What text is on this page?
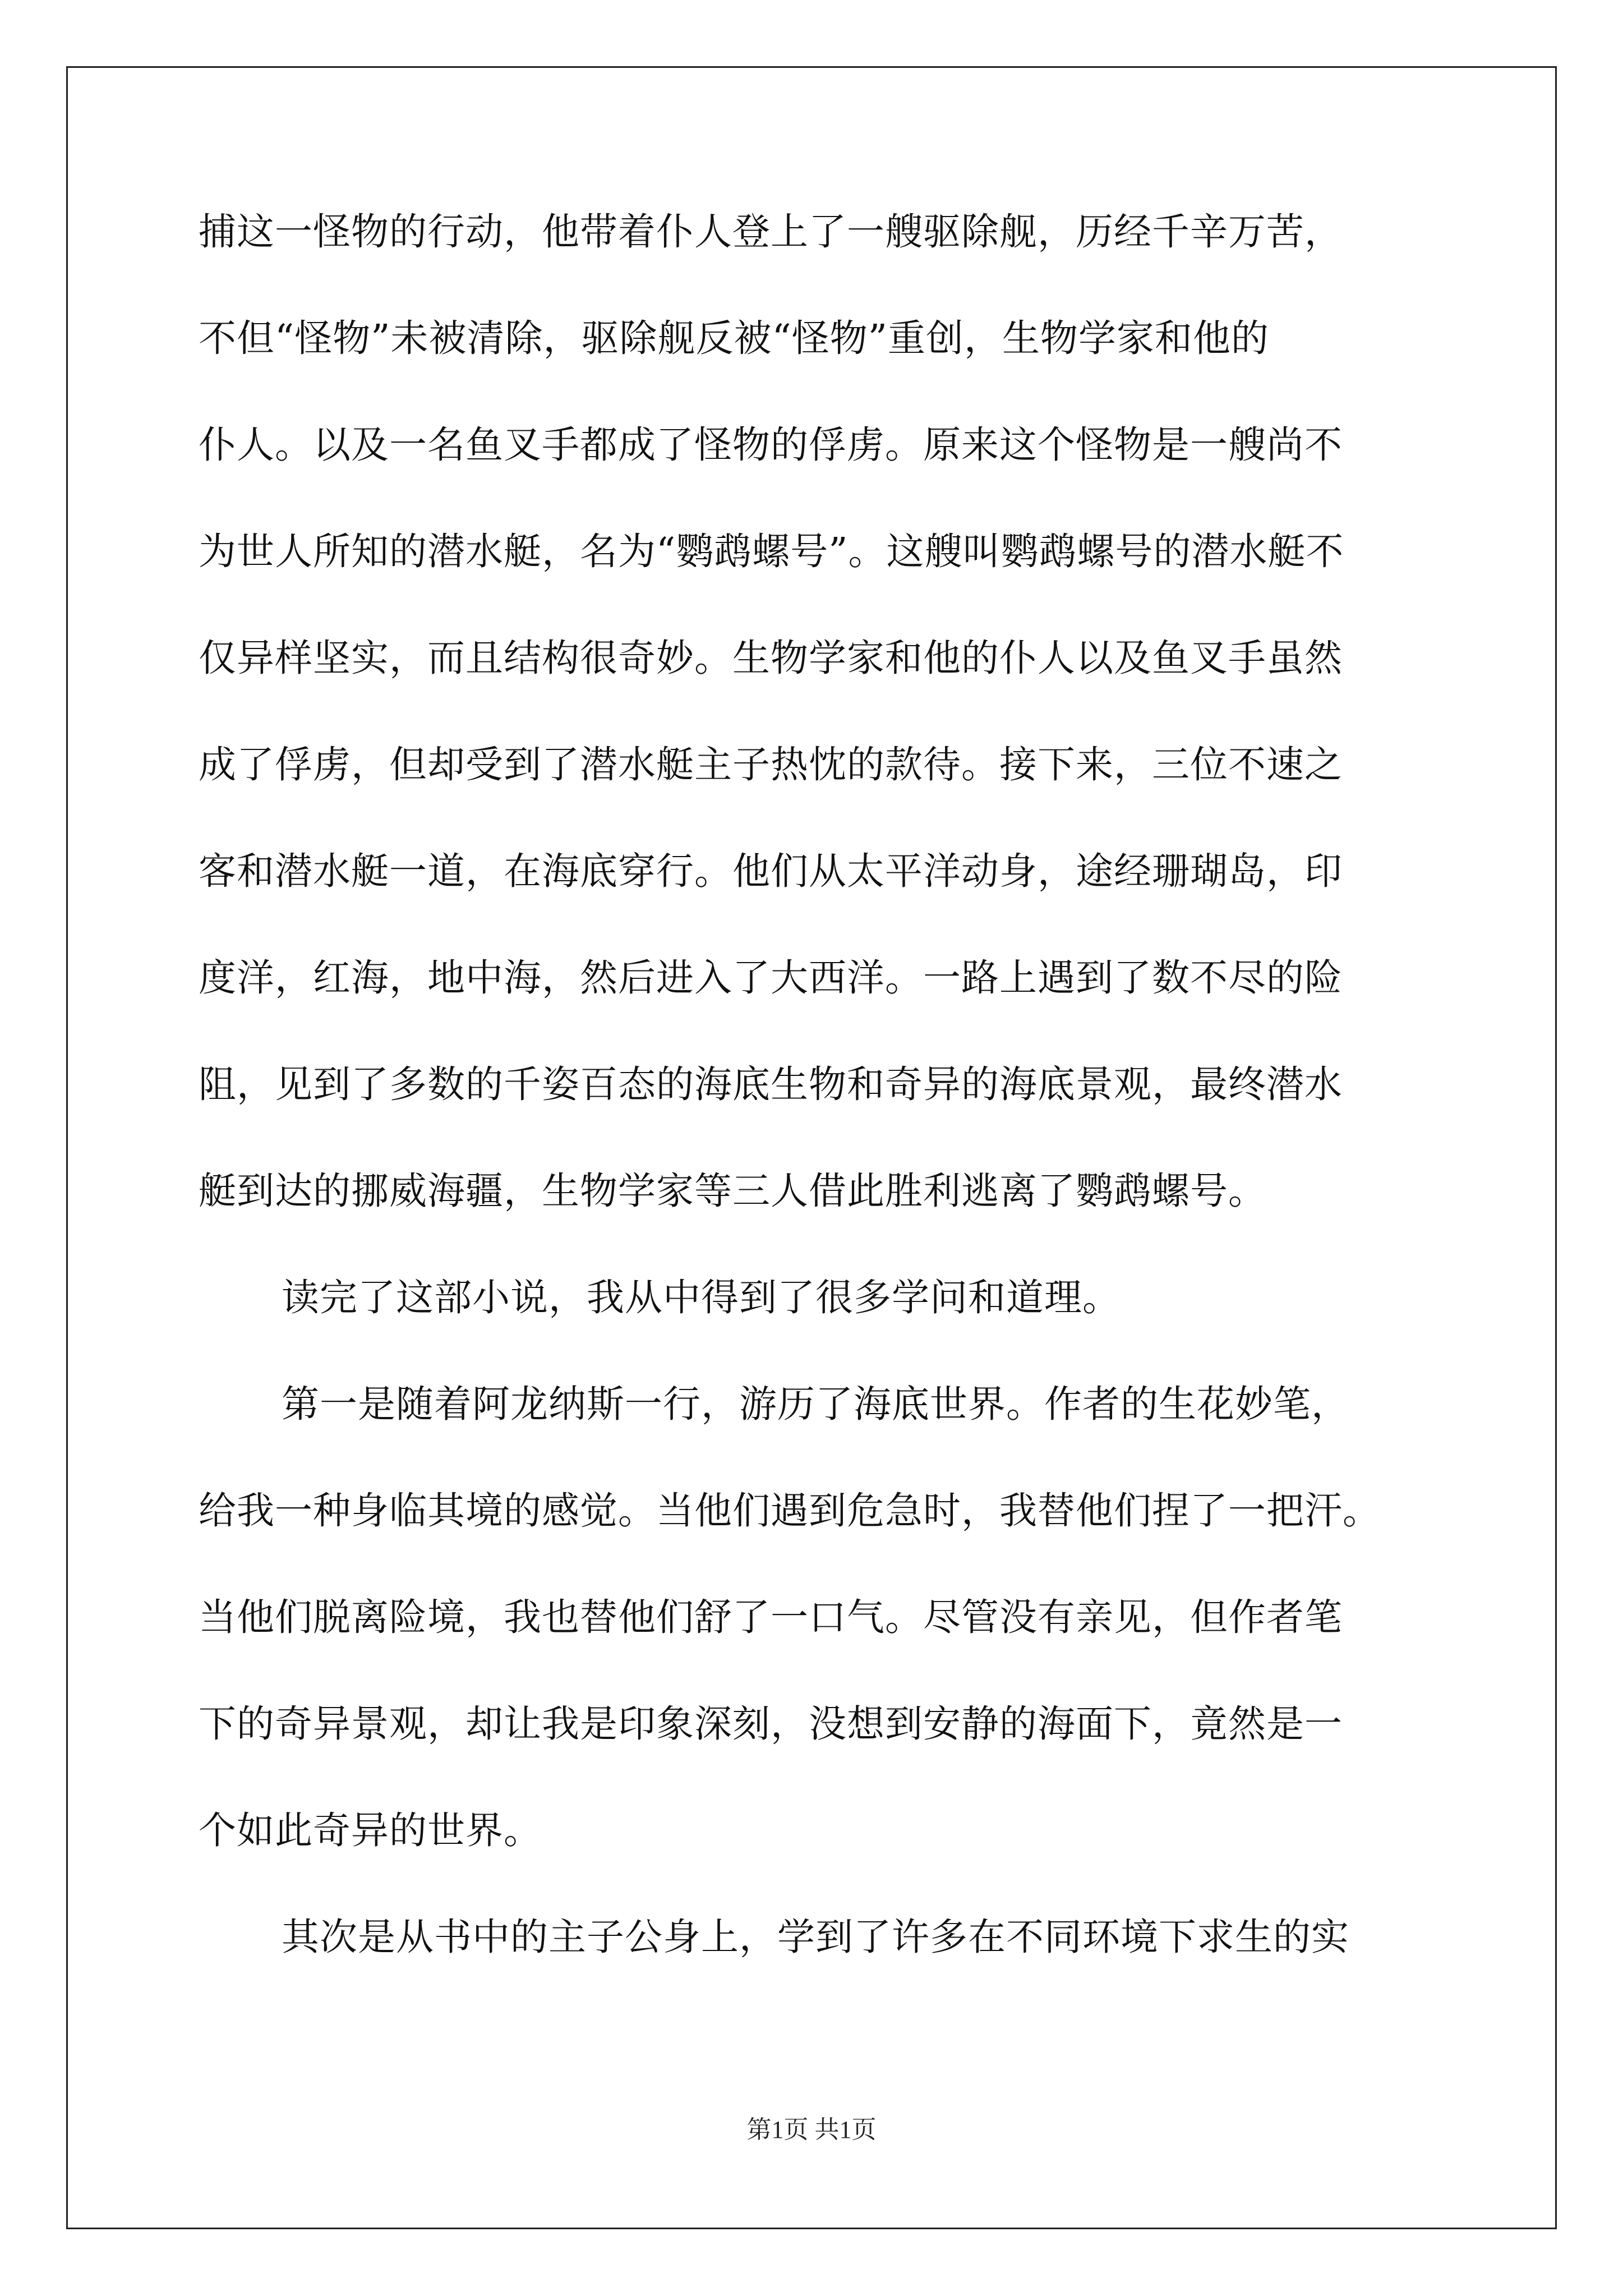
捕这一怪物的行动，他带着仆人登上了一艘驱除舰，历经千辛万苦，
不但“怪物”未被清除，驱除舰反被“怪物”重创，生物学家和他的
仆人。以及一名鱼叉手都成了怪物的俘虏。原来这个怪物是一艘尚不
为世人所知的潜水艇，名为“鹦鹉螺号”。这艘叫鹦鹉螺号的潜水艇不
仅异样坚实，而且结构很奇妙。生物学家和他的仆人以及鱼叉手虽然
成了俘虏，但却受到了潜水艇主子热忱的款待。接下来，三位不速之
客和潜水艇一道，在海底穿行。他们从太平洋动身，途经珊瑚岛，印
度洋，红海，地中海，然后进入了大西洋。一路上遇到了数不尽的险
阻，见到了多数的千姿百态的海底生物和奇异的海底景观，最终潜水
艇到达的挪威海疆，生物学家等三人借此胜利逃离了鹦鹉螺号。
读完了这部小说，我从中得到了很多学问和道理。
第一是随着阿龙纳斯一行，游历了海底世界。作者的生花妙笔，
给我一种身临其境的感觉。当他们遇到危急时，我替他们捏了一把汗。
当他们脱离险境，我也替他们舒了一口气。尽管没有亲见，但作者笔
下的奇异景观，却让我是印象深刻，没想到安静的海面下，竟然是一
个如此奇异的世界。
其次是从书中的主子公身上，学到了许多在不同环境下求生的实
第1页 共1页
